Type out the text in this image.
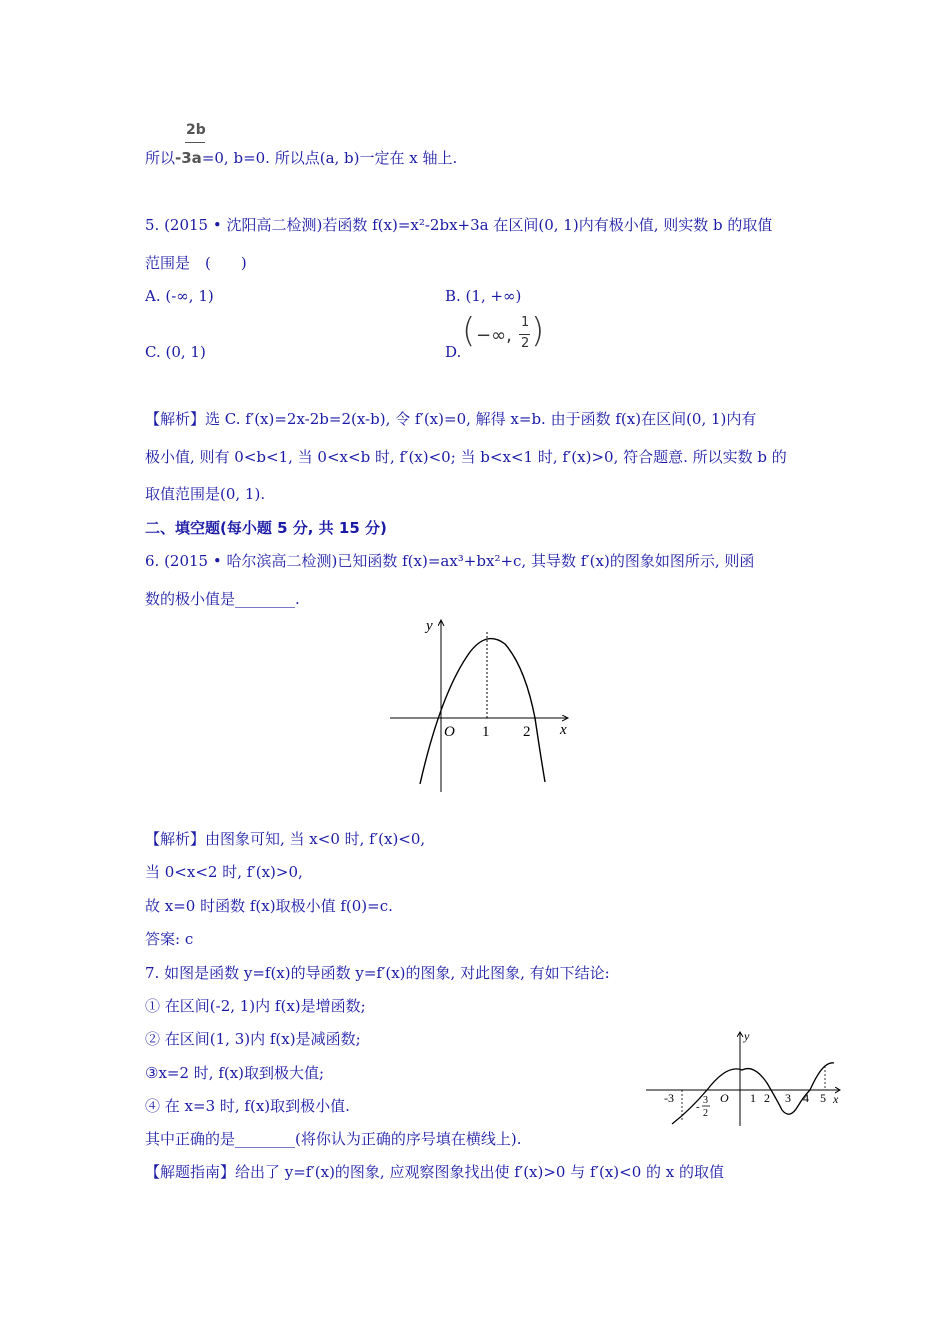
2b
所以-3a=0, b=0. 所以点(a, b)一定在 x 轴上.
5. (2015 • 沈阳高二检测)若函数 f(x)=x²-2bx+3a 在区间(0, 1)内有极小值, 则实数 b 的取值
范围是　(　　)
A. (-∞, 1)	B. (1, +∞)
C. (0, 1)	D.
( −∞,
1
2 )
【解析】选 C. f′(x)=2x-2b=2(x-b), 令 f′(x)=0, 解得 x=b. 由于函数 f(x)在区间(0, 1)内有
极小值, 则有 0<b<1, 当 0<x<b 时, f′(x)<0; 当 b<x<1 时, f′(x)>0, 符合题意. 所以实数 b 的
取值范围是(0, 1).
二、填空题(每小题 5 分, 共 15 分)
6. (2015 • 哈尔滨高二检测)已知函数 f(x)=ax³+bx²+c, 其导数 f′(x)的图象如图所示, 则函
数的极小值是________.
y
x
O 1 2
【解析】由图象可知, 当 x<0 时, f′(x)<0,
当 0<x<2 时, f′(x)>0,
故 x=0 时函数 f(x)取极小值 f(0)=c.
答案: c
7. 如图是函数 y=f(x)的导函数 y=f′(x)的图象, 对此图象, 有如下结论:
① 在区间(-2, 1)内 f(x)是增函数;
② 在区间(1, 3)内 f(x)是减函数;
③x=2 时, f(x)取到极大值;
④ 在 x=3 时, f(x)取到极小值.
其中正确的是________(将你认为正确的序号填在横线上).
【解题指南】给出了 y=f′(x)的图象, 应观察图象找出使 f′(x)>0 与 f′(x)<0 的 x 的取值
y
x
O
-3
-
3
2
1 2 3 4 5
